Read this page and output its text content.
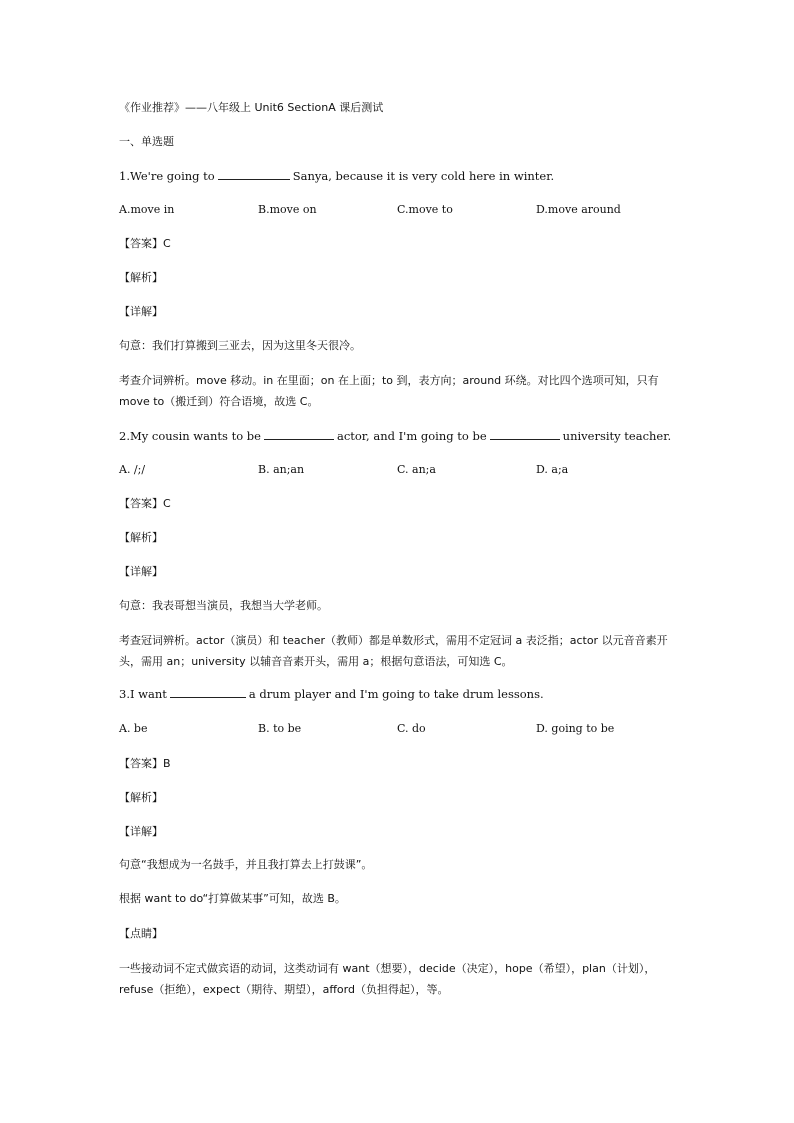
《作业推荐》——八年级上 Unit6 SectionA 课后测试
一、单选题
1.We're going to	Sanya, because it is very cold here in winter.
A.move in	B.move on	C.move to	D.move around
【答案】C
【解析】
【详解】
句意：我们打算搬到三亚去，因为这里冬天很冷。
考查介词辨析。move 移动。in 在里面；on 在上面；to 到，表方向；around 环绕。对比四个选项可知，只有 move to（搬迁到）符合语境，故选 C。
2.My cousin wants to be	actor, and I'm going to be	university teacher.
A. /;/	B. an;an	C. an;a	D. a;a
【答案】C
【解析】
【详解】
句意：我表哥想当演员，我想当大学老师。
考查冠词辨析。actor（演员）和 teacher（教师）都是单数形式，需用不定冠词 a 表泛指；actor 以元音音素开头，需用 an；university 以辅音音素开头，需用 a；根据句意语法，可知选 C。
3.I want	a drum player and I'm going to take drum lessons.
A. be	B. to be	C. do	D. going to be
【答案】B
【解析】
【详解】
句意“我想成为一名鼓手，并且我打算去上打鼓课”。
根据 want to do“打算做某事”可知，故选 B。
【点睛】
一些接动词不定式做宾语的动词，这类动词有 want（想要），decide（决定），hope（希望），plan（计划），refuse（拒绝），expect（期待、期望），afford（负担得起），等。
